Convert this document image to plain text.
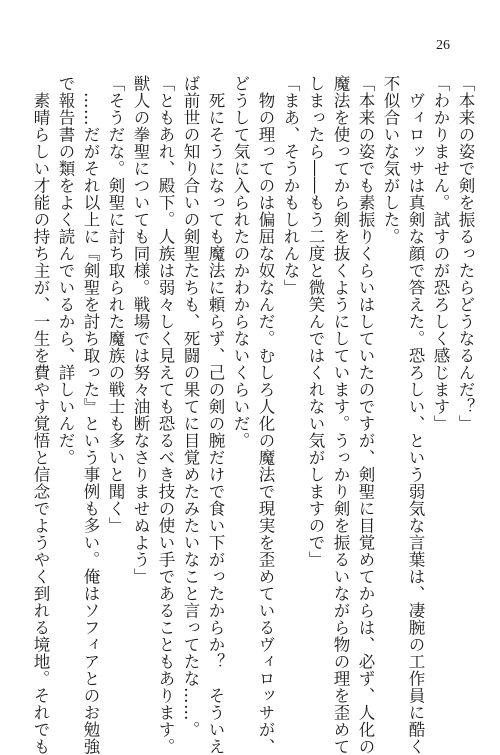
26
「本来の姿で剣を振るったらどうなるんだ？」
「わかりません。試すのが恐ろしく感じます」
　ヴィロッサは真剣な顔で答えた。恐ろしい、という弱気な言葉は、凄腕の工作員に酷く
不似合いな気がした。
「本来の姿でも素振りくらいはしていたのですが、剣聖に目覚めてからは、必ず、人化の
魔法を使ってから剣を抜くようにしています。うっかり剣を振るいながら物の理を歪めて
しまったら――もう二度と微笑んではくれない気がしますので」
「まあ、そうかもしれんな」
　物の理ってのは偏屈な奴なんだ。むしろ人化の魔法で現実を歪めているヴィロッサが、
どうして気に入られたのかわからないくらいだ。
　死にそうになっても魔法に頼らず、己の剣の腕だけで食い下がったからか？　そういえ
ば前世の知り合いの剣聖たちも、死闘の果てに目覚めたみたいなこと言ってたな……。
「ともあれ、殿下。人族は弱々しく見えても恐るべき技の使い手であることもあります。
獣人の拳聖についても同様。戦場では努々油断なさりませぬよう」
「そうだな。剣聖に討ち取られた魔族の戦士も多いと聞く」
　……だがそれ以上に『剣聖を討ち取った』という事例も多い。俺はソフィアとのお勉強
で報告書の類をよく読んでいるから、詳しいんだ。
　素晴らしい才能の持ち主が、一生を費やす覚悟と信念でようやく到れる境地。それでも
